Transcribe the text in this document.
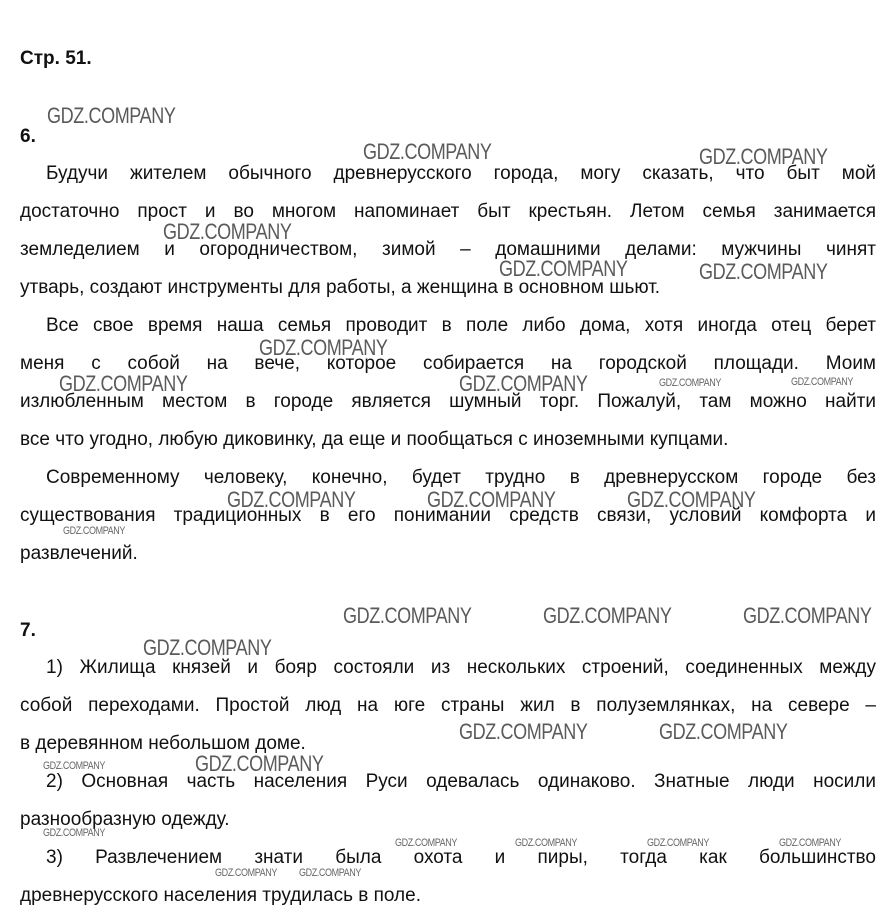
Стр. 51.
6.
Будучи жителем обычного древнерусского города, могу сказать, что быт мой
достаточно прост и во многом напоминает быт крестьян. Летом семья занимается
земледелием и огородничеством, зимой – домашними делами: мужчины чинят
утварь, создают инструменты для работы, а женщина в основном шьют.
Все свое время наша семья проводит в поле либо дома, хотя иногда отец берет
меня с собой на вече, которое собирается на городской площади. Моим
излюбленным местом в городе является шумный торг. Пожалуй, там можно найти
все что угодно, любую диковинку, да еще и пообщаться с иноземными купцами.
Современному человеку, конечно, будет трудно в древнерусском городе без
существования традиционных в его понимании средств связи, условий комфорта и
развлечений.
7.
1) Жилища князей и бояр состояли из нескольких строений, соединенных между
собой переходами. Простой люд на юге страны жил в полуземлянках, на севере –
в деревянном небольшом доме.
2) Основная часть населения Руси одевалась одинаково. Знатные люди носили
разнообразную одежду.
3) Развлечением знати была охота и пиры, тогда как большинство
древнерусского населения трудилась в поле.
GDZ.COMPANY
GDZ.COMPANY	GDZ.COMPANY
GDZ.COMPANY
GDZ.COMPANY	GDZ.COMPANY
GDZ.COMPANY
GDZ.COMPANY	GDZ.COMPANY	GDZ.COMPANY	GDZ.COMPANY
GDZ.COMPANY	GDZ.COMPANY	GDZ.COMPANY
GDZ.COMPANY
GDZ.COMPANY	GDZ.COMPANY	GDZ.COMPANY
GDZ.COMPANY
GDZ.COMPANY	GDZ.COMPANY
GDZ.COMPANY
GDZ.COMPANY
GDZ.COMPANY
GDZ.COMPANY	GDZ.COMPANY	GDZ.COMPANY	GDZ.COMPANY
GDZ.COMPANY GDZ.COMPANY
